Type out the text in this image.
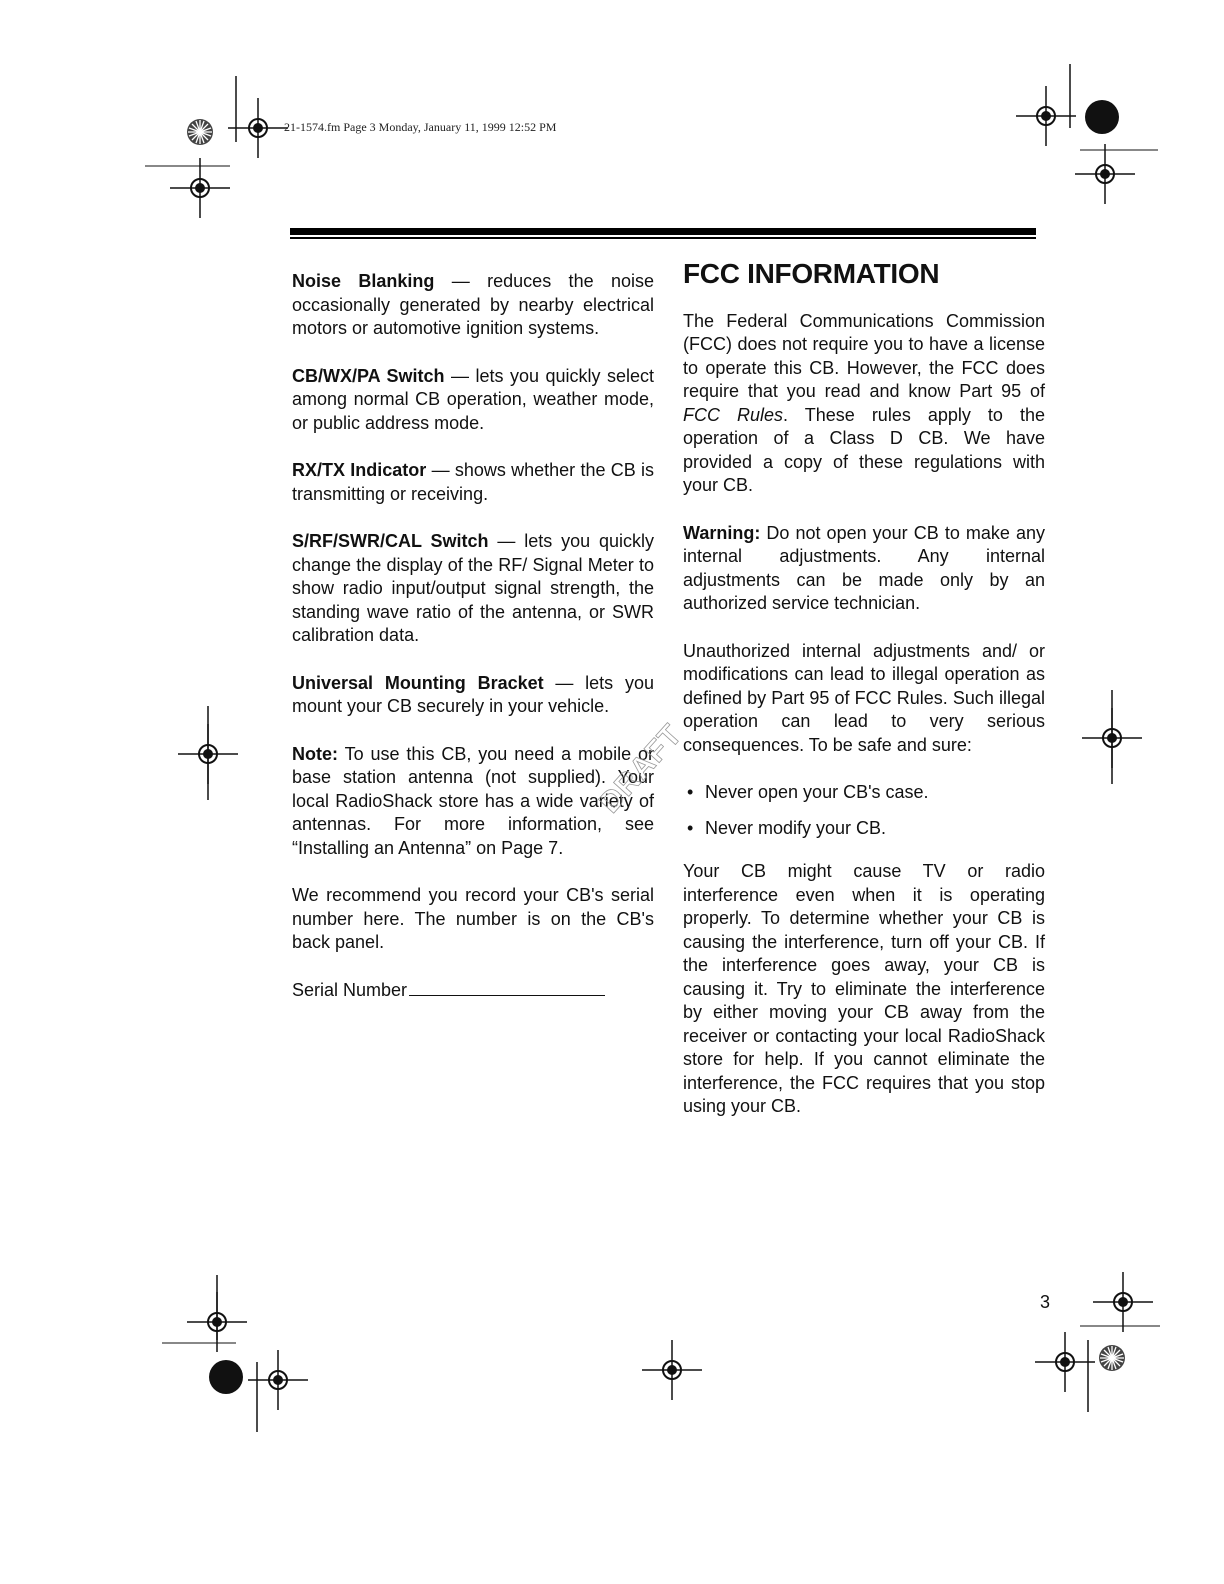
21-1574.fm Page 3 Monday, January 11, 1999 12:52 PM

Noise Blanking — reduces the noise occasionally generated by nearby electrical motors or automotive ignition systems.

CB/WX/PA Switch — lets you quickly select among normal CB operation, weather mode, or public address mode.

RX/TX Indicator — shows whether the CB is transmitting or receiving.

S/RF/SWR/CAL Switch — lets you quickly change the display of the RF/ Signal Meter to show radio input/output signal strength, the standing wave ratio of the antenna, or SWR calibration data.

Universal Mounting Bracket — lets you mount your CB securely in your vehicle.

Note: To use this CB, you need a mobile or base station antenna (not supplied). Your local RadioShack store has a wide variety of antennas. For more information, see “Installing an Antenna” on Page 7.

We recommend you record your CB's serial number here. The number is on the CB's back panel.

Serial Number

FCC INFORMATION

The Federal Communications Commission (FCC) does not require you to have a license to operate this CB. However, the FCC does require that you read and know Part 95 of FCC Rules. These rules apply to the operation of a Class D CB. We have provided a copy of these regulations with your CB.

Warning: Do not open your CB to make any internal adjustments. Any internal adjustments can be made only by an authorized service technician.

Unauthorized internal adjustments and/ or modifications can lead to illegal operation as defined by Part 95 of FCC Rules. Such illegal operation can lead to very serious consequences. To be safe and sure:

• Never open your CB's case.
• Never modify your CB.

Your CB might cause TV or radio interference even when it is operating properly. To determine whether your CB is causing the interference, turn off your CB. If the interference goes away, your CB is causing it. Try to eliminate the interference by either moving your CB away from the receiver or contacting your local RadioShack store for help. If you cannot eliminate the interference, the FCC requires that you stop using your CB.

DRAFT
3
